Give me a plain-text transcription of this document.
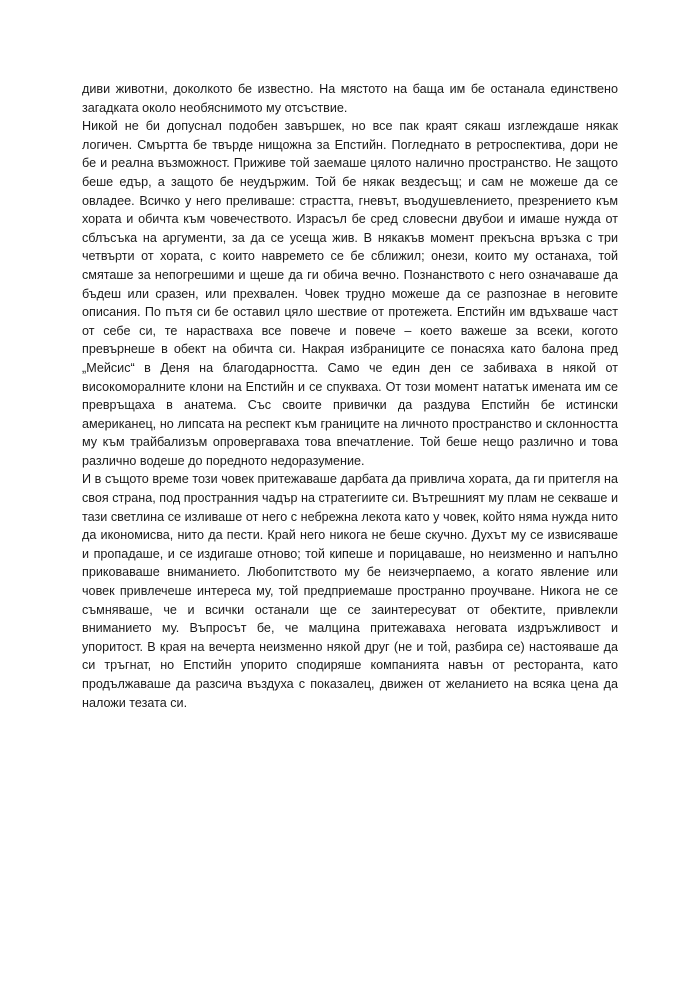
диви животни, доколкото бе известно. На мястото на баща им бе останала единствено загадката около необяснимото му отсъствие.

Никой не би допуснал подобен завършек, но все пак краят сякаш изглеждаше някак логичен. Смъртта бе твърде нищожна за Епстийн. Погледнато в ретроспектива, дори не бе и реална възможност. Приживе той заемаше цялото налично пространство. Не защото беше едър, а защото бе неудържим. Той бе някак вездесъщ; и сам не можеше да се овладее. Всичко у него преливаше: страстта, гневът, въодушевлението, презрението към хората и обичта към човечеството. Израсъл бе сред словесни двубои и имаше нужда от сблъсъка на аргументи, за да се усеща жив. В някакъв момент прекъсна връзка с три четвърти от хората, с които навремето се бе сближил; онези, които му останаха, той смяташе за непогрешими и щеше да ги обича вечно. Познанството с него означаваше да бъдеш или сразен, или прехвален. Човек трудно можеше да се разпознае в неговите описания. По пътя си бе оставил цяло шествие от протежета. Епстийн им вдъхваше част от себе си, те нарастваха все повече и повече – което важеше за всеки, когото превърнеше в обект на обичта си. Накрая избраниците се понасяха като балона пред „Мейсис“ в Деня на благодарността. Само че един ден се забиваха в някой от високоморалните клони на Епстийн и се спукваха. От този момент нататък имената им се превръщаха в анатема. Със своите привички да раздува Епстийн бе истински американец, но липсата на респект към границите на личното пространство и склонността му към трайбализъм опровергаваха това впечатление. Той беше нещо различно и това различно водеше до поредното недоразумение.

И в същото време този човек притежаваше дарбата да привлича хората, да ги притегля на своя страна, под пространния чадър на стратегиите си. Вътрешният му плам не секваше и тази светлина се изливаше от него с небрежна лекота като у човек, който няма нужда нито да икономисва, нито да пести. Край него никога не беше скучно. Духът му се извисяваше и пропадаше, и се издигаше отново; той кипеше и порицаваше, но неизменно и напълно приковаваше вниманието. Любопитството му бе неизчерпаемо, а когато явление или човек привлечеше интереса му, той предприемаше пространно проучване. Никога не се съмняваше, че и всички останали ще се заинтересуват от обектите, привлекли вниманието му. Въпросът бе, че малцина притежаваха неговата издръжливост и упоритост. В края на вечерта неизменно някой друг (не и той, разбира се) настояваше да си тръгнат, но Епстийн упорито сподиряше компанията навън от ресторанта, като продължаваше да разсича въздуха с показалец, движен от желанието на всяка цена да наложи тезата си.
